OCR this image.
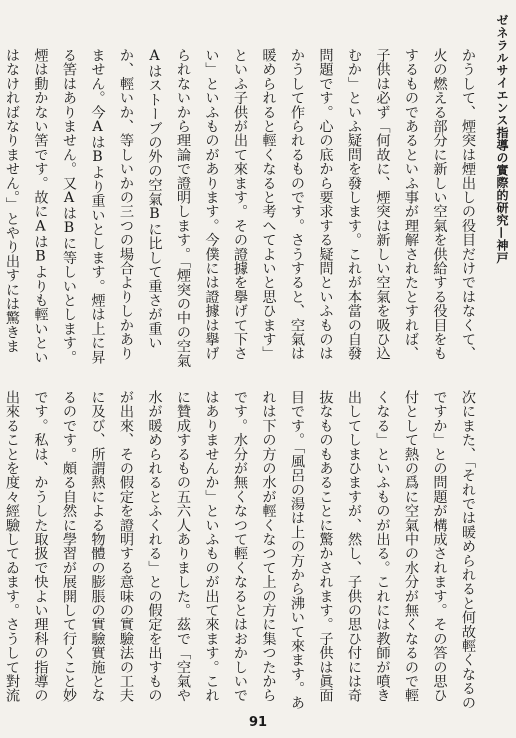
ゼネラルサイエンス指導の實際的研究—神戸

かうして、煙突は煙出しの役目だけではなくて、火の燃える部分に新しい空氣を供給する役目をもするものであるといふ事が理解されたとすれば、子供は必ず「何故に、煙突は新しい空氣を吸ひ込むか」といふ疑問を發します。これが本當の自發問題です。心の底から要求する疑問といふものはかうして作られるものです。さうすると、空氣は暖められると輕くなると考へてよいと思ひます」といふ子供が出て來ます。その證據を擧げて下さい」といふものがあります。今僕には證據は擧げられないから理論で證明します。「煙突の中の空氣Aはストーブの外の空氣Bに比して重さが重いか、輕いか、等しいかの三つの場合よりしかありません。今AはBより重いとします。煙は上に昇る筈はありません。又AはBに等しいとします。煙は動かない筈です。故にAはBよりも輕いといはなければなりません。」とやり出すには驚きま

次にまた、「それでは暖められると何故輕くなるのですか」との問題が構成されます。その答の思ひ付として熱の爲に空氣中の水分が無くなるので輕くなる」といふものが出る。これには教師が噴き出してしまひますが、然し、子供の思ひ付には奇抜なものもあることに驚かされます。子供は眞面目です。「風呂の湯は上の方から沸いて來ます。あれは下の方の水が輕くなつて上の方に集つたからです。水分が無くなつて輕くなるとはおかしいではありませんか」といふものが出て來ます。これに贊成するもの五六人ありました。茲で「空氣や水が暖められるとふくれる」との假定を出すものが出來、その假定を證明する意味の實驗法の工夫に及び、所謂熱による物體の膨脹の實驗實施となるのです。頗る自然に學習が展開して行くこと妙です。私は、かうした取扱で快よい理科の指導の出來ることを度々經驗してゐます。さうして對流

91
